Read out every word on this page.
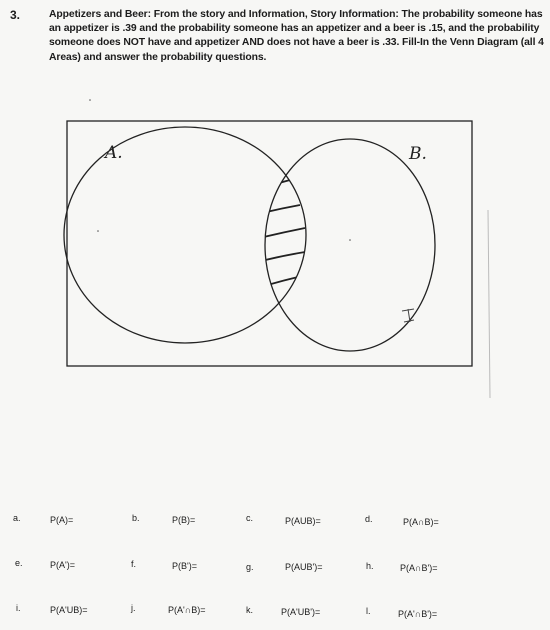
3.	Appetizers and Beer: From the story and Information, Story Information: The probability someone has an appetizer is .39 and the probability someone has an appetizer and a beer is .15, and the probability someone does NOT have and appetizer AND does not have a beer is .33. Fill-In the Venn Diagram (all 4 Areas) and answer the probability questions.
A.	B.
a.	P(A)=	b.	P(B)=	c.	P(AUB)=	d.	P(A∩B)=
e.	P(A')=	f.	P(B')=	g.	P(AUB')=	h.	P(A∩B')=
i.	P(A'UB)=	j.	P(A'∩B)=	k.	P(A'UB')=	l.	P(A'∩B')=
